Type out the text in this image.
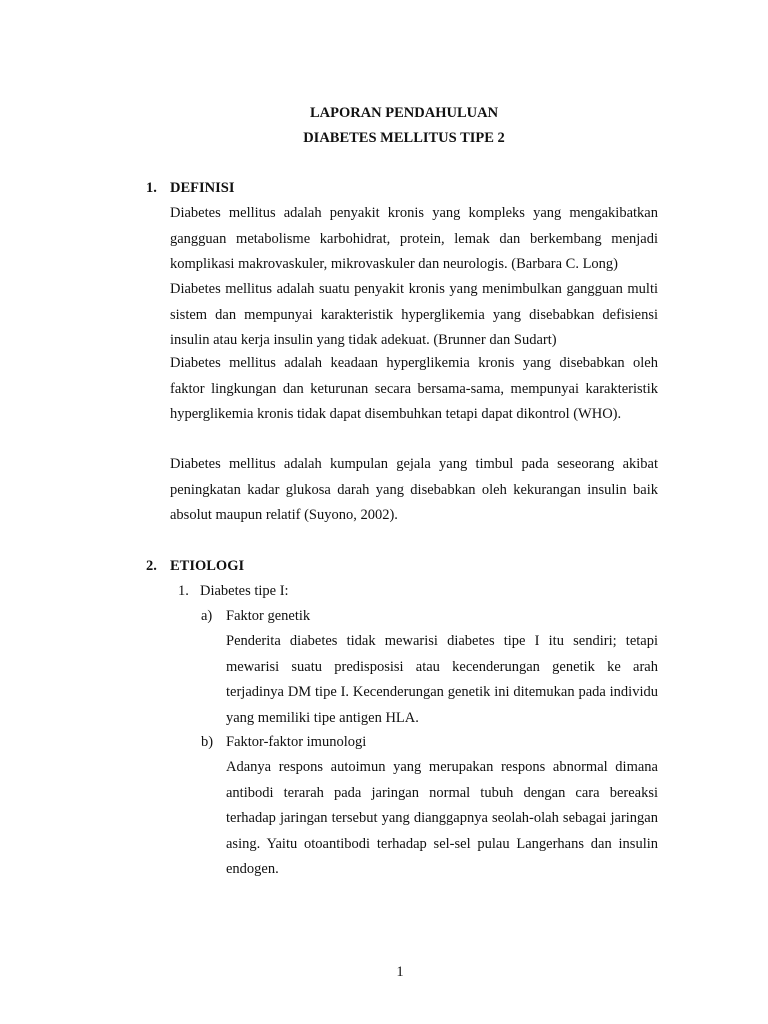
LAPORAN PENDAHULUAN
DIABETES MELLITUS TIPE 2
1. DEFINISI

Diabetes mellitus adalah penyakit kronis yang kompleks yang mengakibatkan gangguan metabolisme karbohidrat, protein, lemak dan berkembang menjadi komplikasi makrovaskuler, mikrovaskuler dan neurologis. (Barbara C. Long)

Diabetes mellitus adalah suatu penyakit kronis yang menimbulkan gangguan multi sistem dan mempunyai karakteristik hyperglikemia yang disebabkan defisiensi insulin atau kerja insulin yang tidak adekuat. (Brunner dan Sudart)

Diabetes mellitus adalah keadaan hyperglikemia kronis yang disebabkan oleh faktor lingkungan dan keturunan secara bersama-sama, mempunyai karakteristik hyperglikemia kronis tidak dapat disembuhkan tetapi dapat dikontrol (WHO).

Diabetes mellitus adalah kumpulan gejala yang timbul pada seseorang akibat peningkatan kadar glukosa darah yang disebabkan oleh kekurangan insulin baik absolut maupun relatif (Suyono, 2002).

2. ETIOLOGI
1. Diabetes tipe I:
a) Faktor genetik

Penderita diabetes tidak mewarisi diabetes tipe I itu sendiri; tetapi mewarisi suatu predisposisi atau kecenderungan genetik ke arah terjadinya DM tipe I. Kecenderungan genetik ini ditemukan pada individu yang memiliki tipe antigen HLA.

b) Faktor-faktor imunologi

Adanya respons autoimun yang merupakan respons abnormal dimana antibodi terarah pada jaringan normal tubuh dengan cara bereaksi terhadap jaringan tersebut yang dianggapnya seolah-olah sebagai jaringan asing. Yaitu otoantibodi terhadap sel-sel pulau Langerhans dan insulin endogen.

1
